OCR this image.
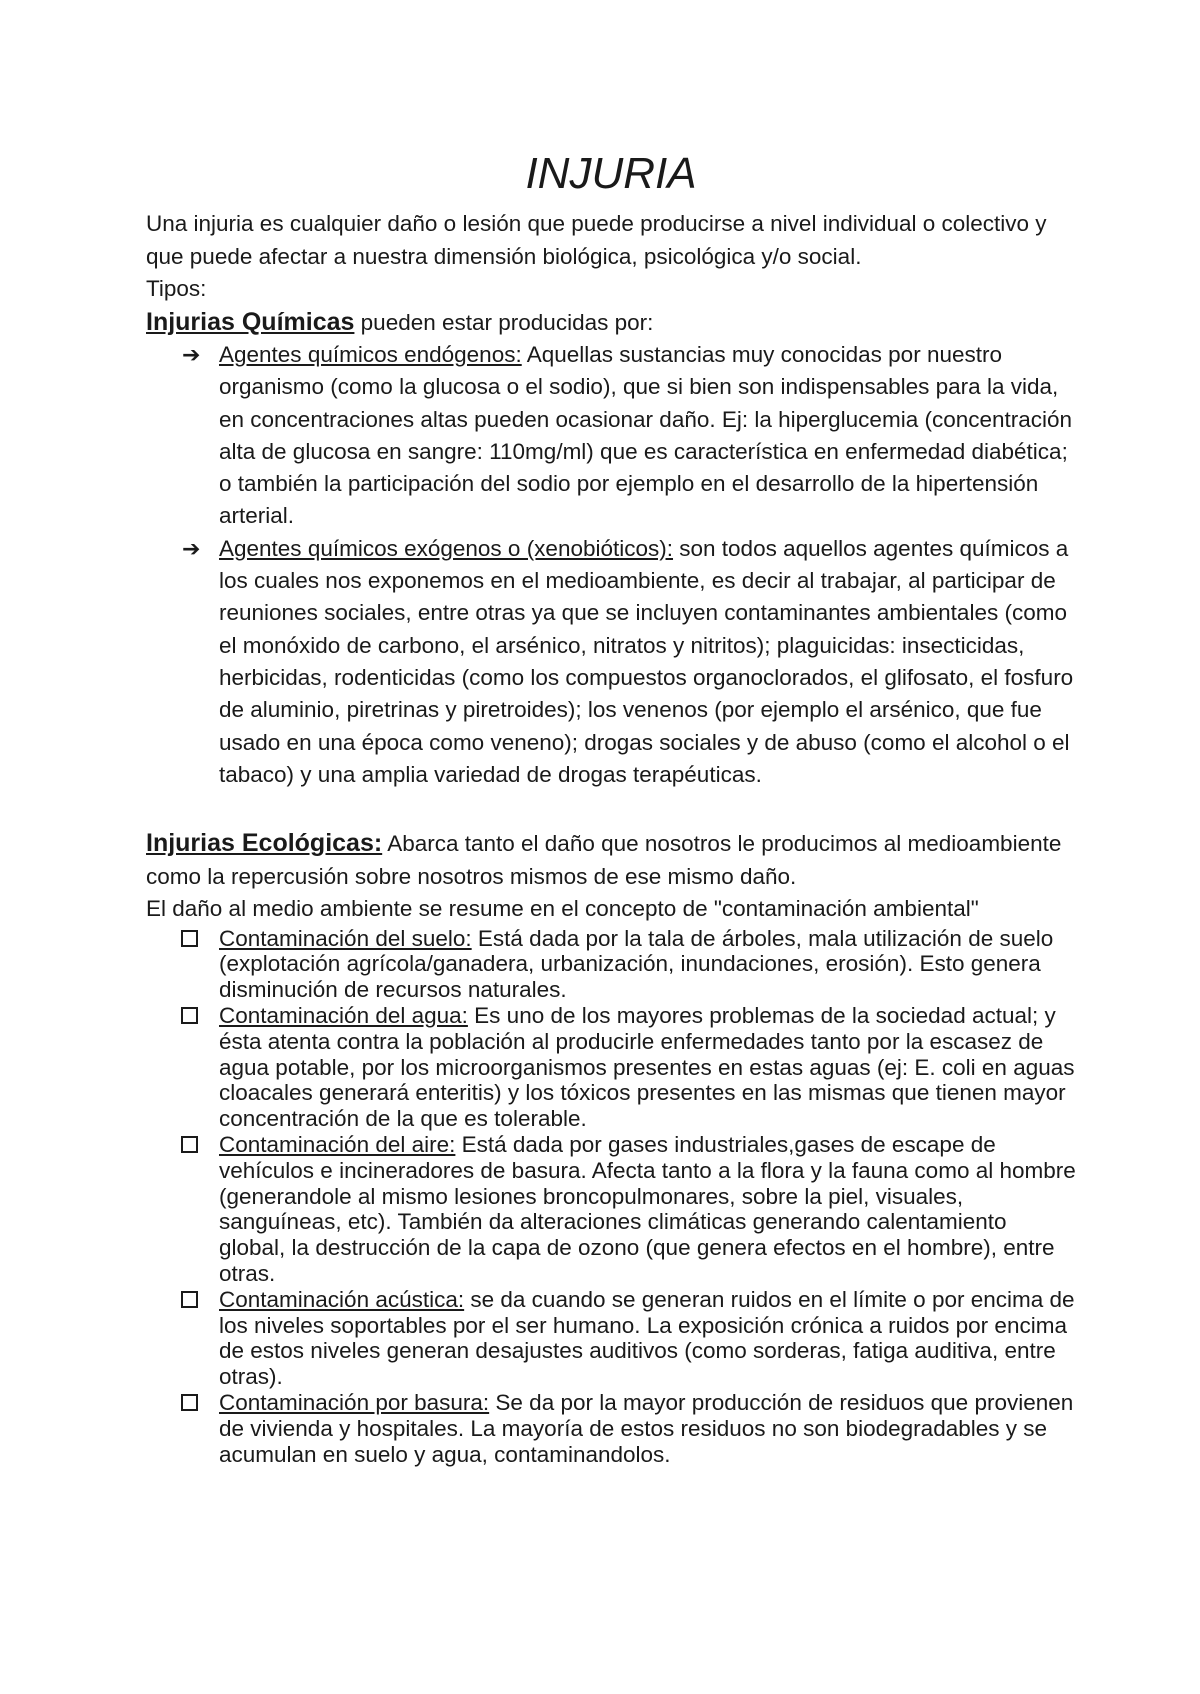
INJURIA

Una injuria es cualquier daño o lesión que puede producirse a nivel individual o colectivo y que puede afectar a nuestra dimensión biológica, psicológica y/o social.

Tipos:

Injurias Químicas pueden estar producidas por:

➔ Agentes químicos endógenos: Aquellas sustancias muy conocidas por nuestro organismo (como la glucosa o el sodio), que si bien son indispensables para la vida, en concentraciones altas pueden ocasionar daño. Ej: la hiperglucemia (concentración alta de glucosa en sangre: 110mg/ml) que es característica en enfermedad diabética; o también la participación del sodio por ejemplo en el desarrollo de la hipertensión arterial.
➔ Agentes químicos exógenos o (xenobióticos): son todos aquellos agentes químicos a los cuales nos exponemos en el medioambiente, es decir al trabajar, al participar de reuniones sociales, entre otras ya que se incluyen contaminantes ambientales (como el monóxido de carbono, el arsénico, nitratos y nitritos); plaguicidas: insecticidas, herbicidas, rodenticidas (como los compuestos organoclorados, el glifosato, el fosfuro de aluminio, piretrinas y piretroides); los venenos (por ejemplo el arsénico, que fue usado en una época como veneno); drogas sociales y de abuso (como el alcohol o el tabaco) y una amplia variedad de drogas terapéuticas.

Injurias Ecológicas: Abarca tanto el daño que nosotros le producimos al medioambiente como la repercusión sobre nosotros mismos de ese mismo daño.

El daño al medio ambiente se resume en el concepto de "contaminación ambiental"

Contaminación del suelo: Está dada por la tala de árboles, mala utilización de suelo (explotación agrícola/ganadera, urbanización, inundaciones, erosión). Esto genera disminución de recursos naturales.
Contaminación del agua: Es uno de los mayores problemas de la sociedad actual; y ésta atenta contra la población al producirle enfermedades tanto por la escasez de agua potable, por los microorganismos presentes en estas aguas (ej: E. coli en aguas cloacales generará enteritis) y los tóxicos presentes en las mismas que tienen mayor concentración de la que es tolerable.
Contaminación del aire: Está dada por gases industriales,gases de escape de vehículos e incineradores de basura. Afecta tanto a la flora y la fauna como al hombre (generandole al mismo lesiones broncopulmonares, sobre la piel, visuales, sanguíneas, etc). También da alteraciones climáticas generando calentamiento global, la destrucción de la capa de ozono (que genera efectos en el hombre), entre otras.
Contaminación acústica: se da cuando se generan ruidos en el límite o por encima de los niveles soportables por el ser humano. La exposición crónica a ruidos por encima de estos niveles generan desajustes auditivos (como sorderas, fatiga auditiva, entre otras).
Contaminación por basura: Se da por la mayor producción de residuos que provienen de vivienda y hospitales. La mayoría de estos residuos no son biodegradables y se acumulan en suelo y agua, contaminandolos.
